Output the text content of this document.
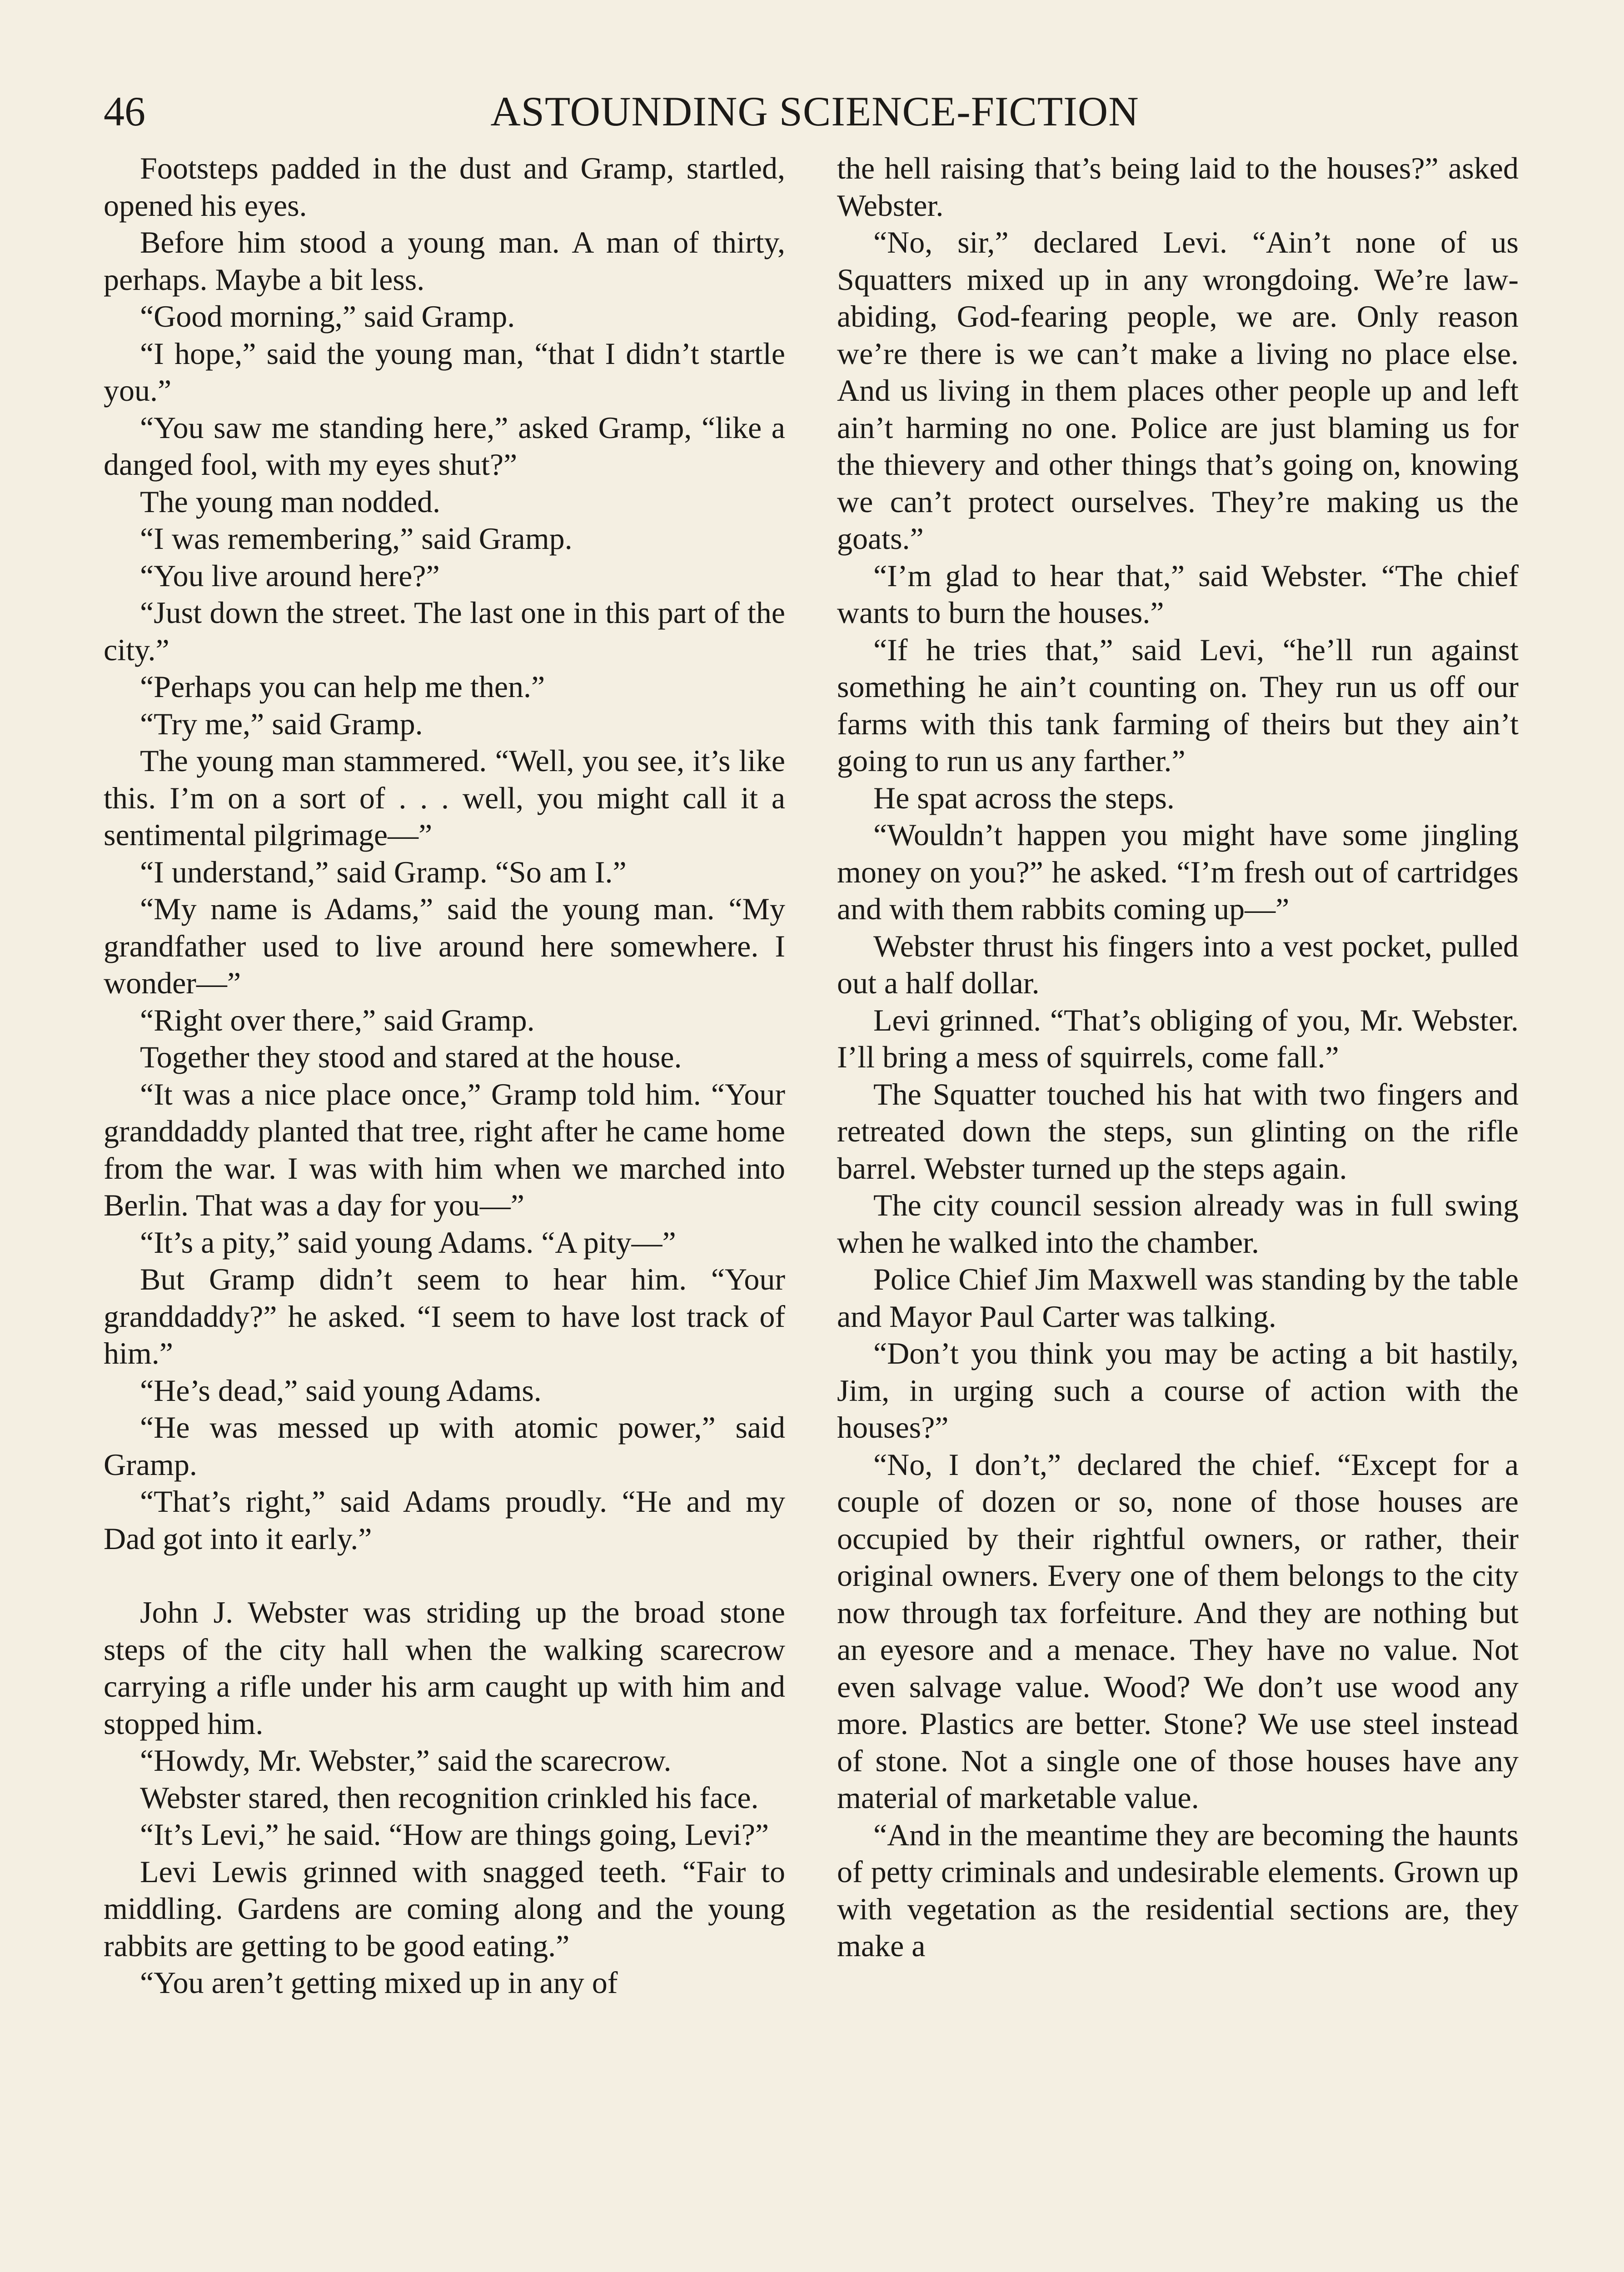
46	ASTOUNDING SCIENCE-FICTION

Footsteps padded in the dust and Gramp, startled, opened his eyes.

Before him stood a young man. A man of thirty, perhaps. Maybe a bit less.

“Good morning,” said Gramp.

“I hope,” said the young man, “that I didn’t startle you.”

“You saw me standing here,” asked Gramp, “like a danged fool, with my eyes shut?”

The young man nodded.

“I was remembering,” said Gramp.

“You live around here?”

“Just down the street. The last one in this part of the city.”

“Perhaps you can help me then.”

“Try me,” said Gramp.

The young man stammered. “Well, you see, it’s like this. I’m on a sort of . . . well, you might call it a sentimental pilgrimage—”

“I understand,” said Gramp. “So am I.”

“My name is Adams,” said the young man. “My grandfather used to live around here somewhere. I wonder—”

“Right over there,” said Gramp.

Together they stood and stared at the house.

“It was a nice place once,” Gramp told him. “Your granddaddy planted that tree, right after he came home from the war. I was with him when we marched into Berlin. That was a day for you—”

“It’s a pity,” said young Adams. “A pity—”

But Gramp didn’t seem to hear him. “Your granddaddy?” he asked. “I seem to have lost track of him.”

“He’s dead,” said young Adams.

“He was messed up with atomic power,” said Gramp.

“That’s right,” said Adams proudly. “He and my Dad got into it early.”

John J. Webster was striding up the broad stone steps of the city hall when the walking scarecrow carrying a rifle under his arm caught up with him and stopped him.

“Howdy, Mr. Webster,” said the scarecrow.

Webster stared, then recognition crinkled his face.

“It’s Levi,” he said. “How are things going, Levi?”

Levi Lewis grinned with snagged teeth. “Fair to middling. Gardens are coming along and the young rabbits are getting to be good eating.”

“You aren’t getting mixed up in any of

the hell raising that’s being laid to the houses?” asked Webster.

“No, sir,” declared Levi. “Ain’t none of us Squatters mixed up in any wrongdoing. We’re law-abiding, God-fearing people, we are. Only reason we’re there is we can’t make a living no place else. And us living in them places other people up and left ain’t harming no one. Police are just blaming us for the thievery and other things that’s going on, knowing we can’t protect ourselves. They’re making us the goats.”

“I’m glad to hear that,” said Webster. “The chief wants to burn the houses.”

“If he tries that,” said Levi, “he’ll run against something he ain’t counting on. They run us off our farms with this tank farming of theirs but they ain’t going to run us any farther.”

He spat across the steps.

“Wouldn’t happen you might have some jingling money on you?” he asked. “I’m fresh out of cartridges and with them rabbits coming up—”

Webster thrust his fingers into a vest pocket, pulled out a half dollar.

Levi grinned. “That’s obliging of you, Mr. Webster. I’ll bring a mess of squirrels, come fall.”

The Squatter touched his hat with two fingers and retreated down the steps, sun glinting on the rifle barrel. Webster turned up the steps again.

The city council session already was in full swing when he walked into the chamber.

Police Chief Jim Maxwell was standing by the table and Mayor Paul Carter was talking.

“Don’t you think you may be acting a bit hastily, Jim, in urging such a course of action with the houses?”

“No, I don’t,” declared the chief. “Except for a couple of dozen or so, none of those houses are occupied by their rightful owners, or rather, their original owners. Every one of them belongs to the city now through tax forfeiture. And they are nothing but an eyesore and a menace. They have no value. Not even salvage value. Wood? We don’t use wood any more. Plastics are better. Stone? We use steel instead of stone. Not a single one of those houses have any material of marketable value.

“And in the meantime they are becoming the haunts of petty criminals and undesirable elements. Grown up with vegetation as the residential sections are, they make a
